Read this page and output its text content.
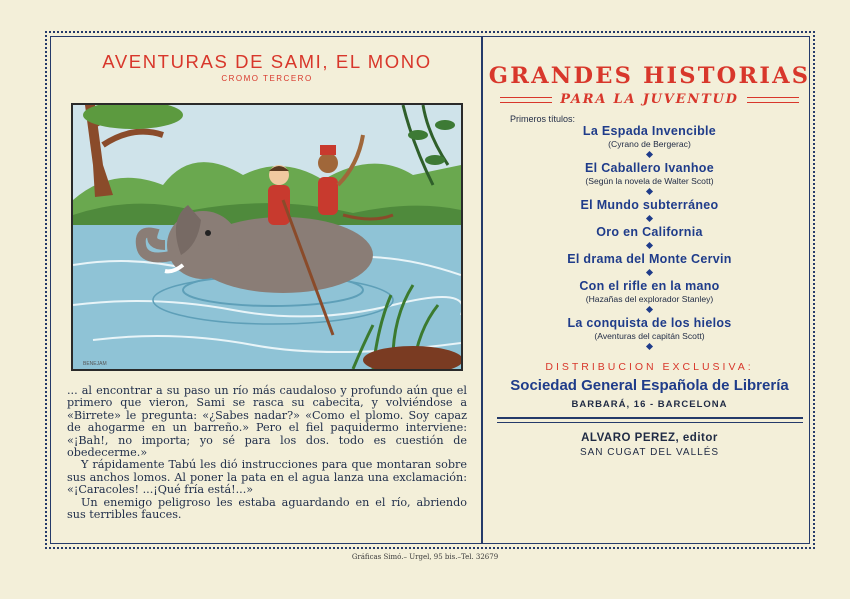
AVENTURAS DE SAMI, EL MONO
CROMO TERCERO
BENEJAM

... al encontrar a su paso un río más caudaloso y profundo aún que el primero que vieron, Sami se rasca su cabecita, y volviéndose a «Birrete» le pregunta: «¿Sabes nadar?» «Como el plomo. Soy capaz de ahogarme en un barreño.» Pero el fiel paquidermo interviene: «¡Bah!, no importa; yo sé para los dos. todo es cuestión de obedecerme.»

Y rápidamente Tabú les dió instrucciones para que montaran sobre sus anchos lomos. Al poner la pata en el agua lanza una exclamación: «¡Caracoles! ...¡Qué fría está!...»

Un enemigo peligroso les estaba aguardando en el río, abriendo sus terribles fauces.

GRANDES HISTORIAS
PARA LA JUVENTUD
Primeros títulos:
La Espada Invencible
(Cyrano de Bergerac)
El Caballero Ivanhoe
(Según la novela de Walter Scott)
El Mundo subterráneo
Oro en California
El drama del Monte Cervin
Con el rifle en la mano
(Hazañas del explorador Stanley)
La conquista de los hielos
(Aventuras del capitán Scott)
DISTRIBUCION EXCLUSIVA:
Sociedad General Española de Librería
BARBARÁ, 16 - BARCELONA
ALVARO PEREZ, editor
SAN CUGAT DEL VALLÉS
Gráficas Simó.– Urgel, 95 bis.–Tel. 32679
